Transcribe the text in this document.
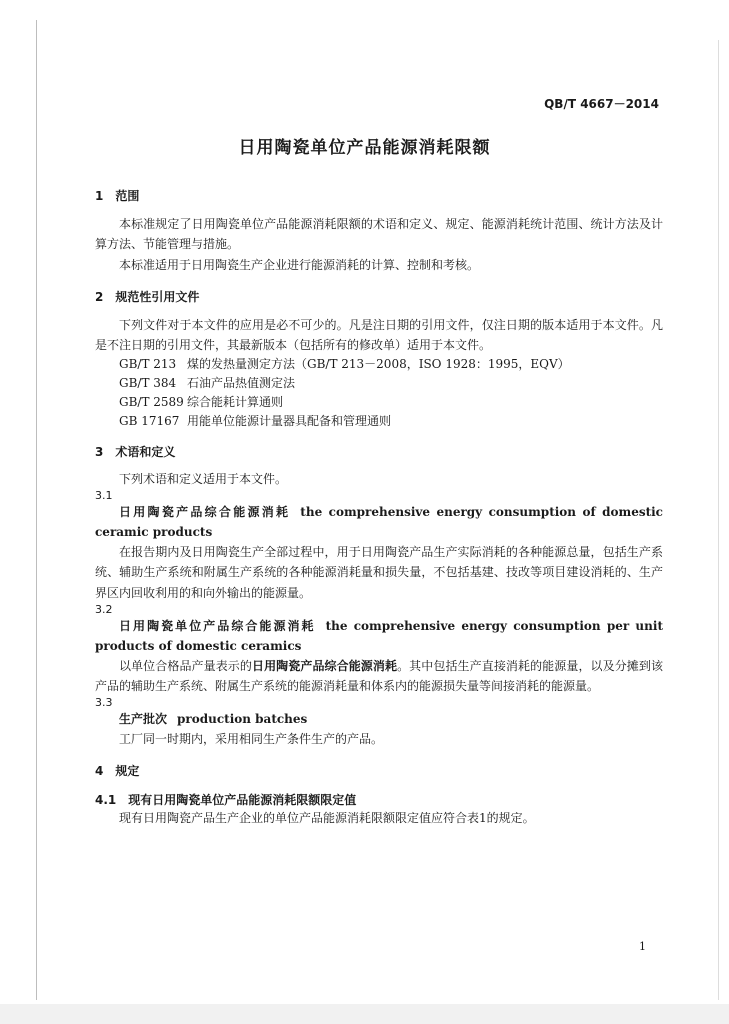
QB/T 4667－2014
日用陶瓷单位产品能源消耗限额

1　范围

本标准规定了日用陶瓷单位产品能源消耗限额的术语和定义、规定、能源消耗统计范围、统计方法及计算方法、节能管理与措施。

本标准适用于日用陶瓷生产企业进行能源消耗的计算、控制和考核。

2　规范性引用文件

下列文件对于本文件的应用是必不可少的。凡是注日期的引用文件，仅注日期的版本适用于本文件。凡是不注日期的引用文件，其最新版本（包括所有的修改单）适用于本文件。

GB/T 213 煤的发热量测定方法（GB/T 213－2008，ISO 1928：1995，EQV）

GB/T 384 石油产品热值测定法

GB/T 2589 综合能耗计算通则

GB 17167 用能单位能源计量器具配备和管理通则

3　术语和定义

下列术语和定义适用于本文件。

3.1

日用陶瓷产品综合能源消耗 the comprehensive energy consumption of domestic ceramic products

在报告期内及日用陶瓷生产全部过程中，用于日用陶瓷产品生产实际消耗的各种能源总量，包括生产系统、辅助生产系统和附属生产系统的各种能源消耗量和损失量，不包括基建、技改等项目建设消耗的、生产界区内回收利用的和向外输出的能源量。

3.2

日用陶瓷单位产品综合能源消耗 the comprehensive energy consumption per unit products of domestic ceramics

以单位合格品产量表示的日用陶瓷产品综合能源消耗。其中包括生产直接消耗的能源量，以及分摊到该产品的辅助生产系统、附属生产系统的能源消耗量和体系内的能源损失量等间接消耗的能源量。

3.3

生产批次 production batches

工厂同一时期内，采用相同生产条件生产的产品。

4　规定

4.1　现有日用陶瓷单位产品能源消耗限额限定值

现有日用陶瓷产品生产企业的单位产品能源消耗限额限定值应符合表1的规定。

1
